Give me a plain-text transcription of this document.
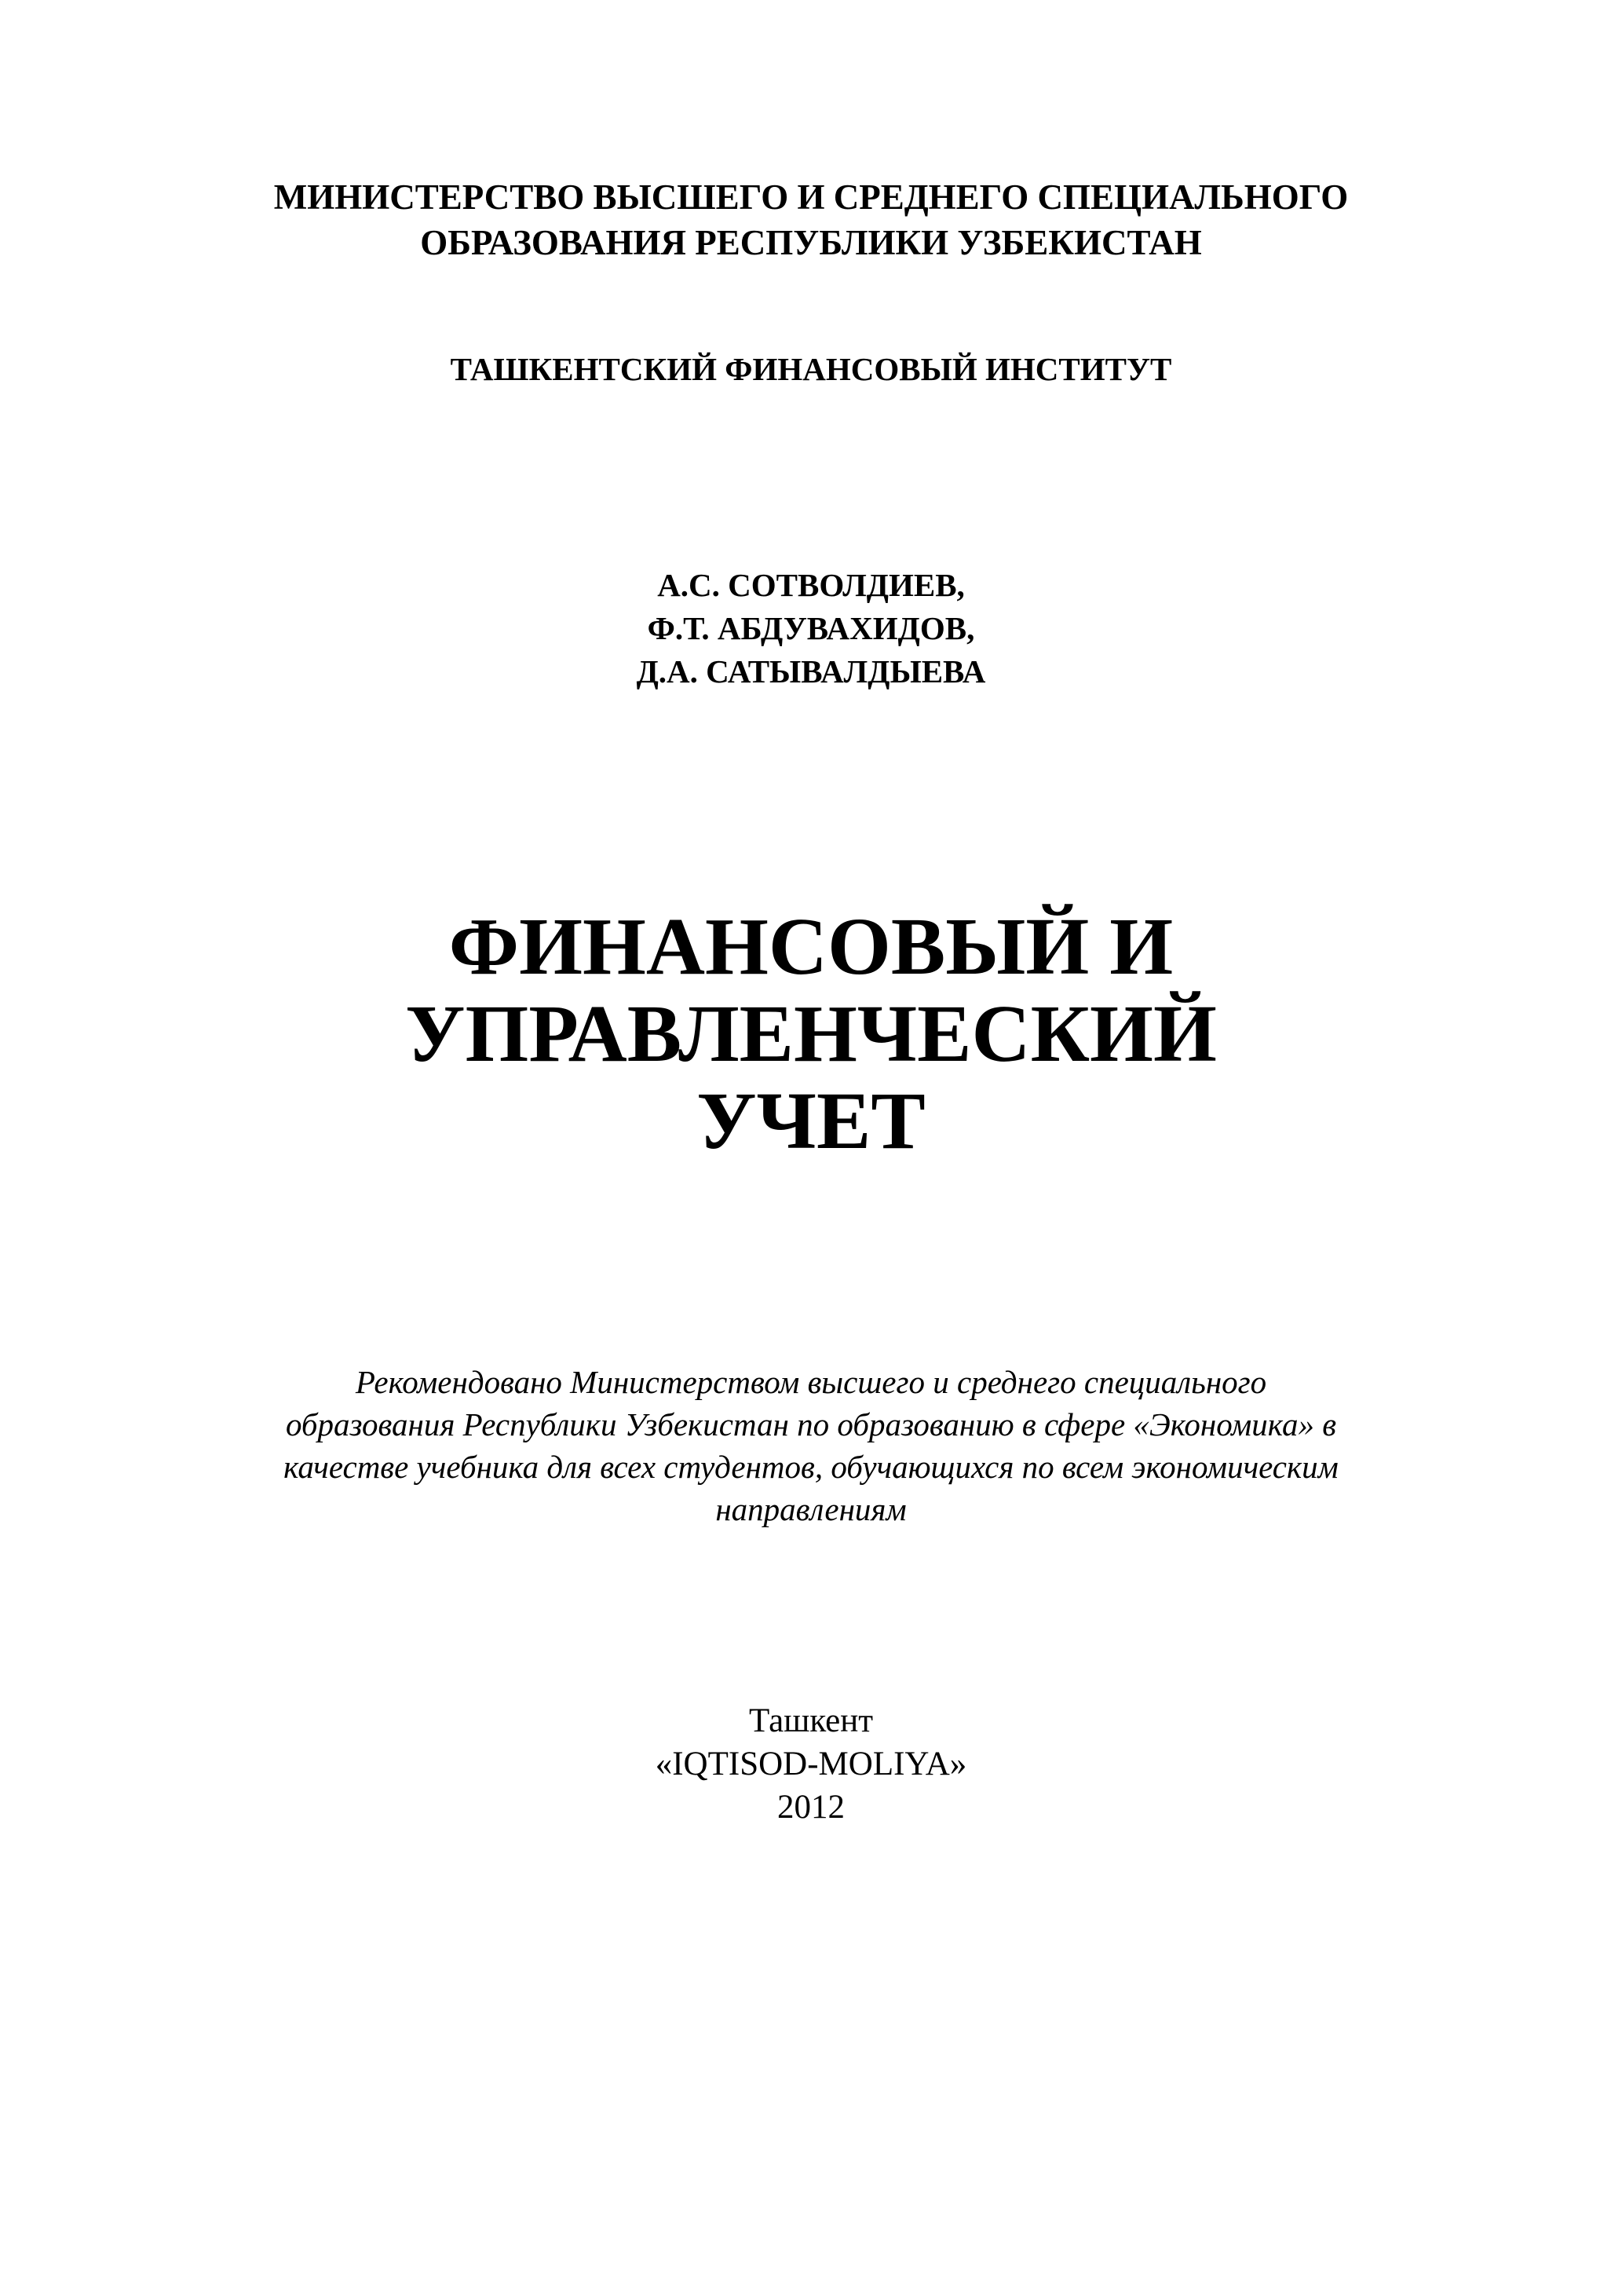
МИНИСТЕРСТВО ВЫСШЕГО И СРЕДНЕГО СПЕЦИАЛЬНОГО
ОБРАЗОВАНИЯ РЕСПУБЛИКИ УЗБЕКИСТАН
ТАШКЕНТСКИЙ ФИНАНСОВЫЙ ИНСТИТУТ
А.С. СОТВОЛДИЕВ,
Ф.Т. АБДУВАХИДОВ,
Д.А. САТЫВАЛДЫЕВА
ФИНАНСОВЫЙ И
УПРАВЛЕНЧЕСКИЙ
УЧЕТ
Рекомендовано Министерством высшего и среднего специального
образования Республики Узбекистан по образованию в сфере «Экономика» в
качестве учебника для всех студентов, обучающихся по всем экономическим
направлениям
Ташкент
«IQTISOD-MOLIYA»
2012
